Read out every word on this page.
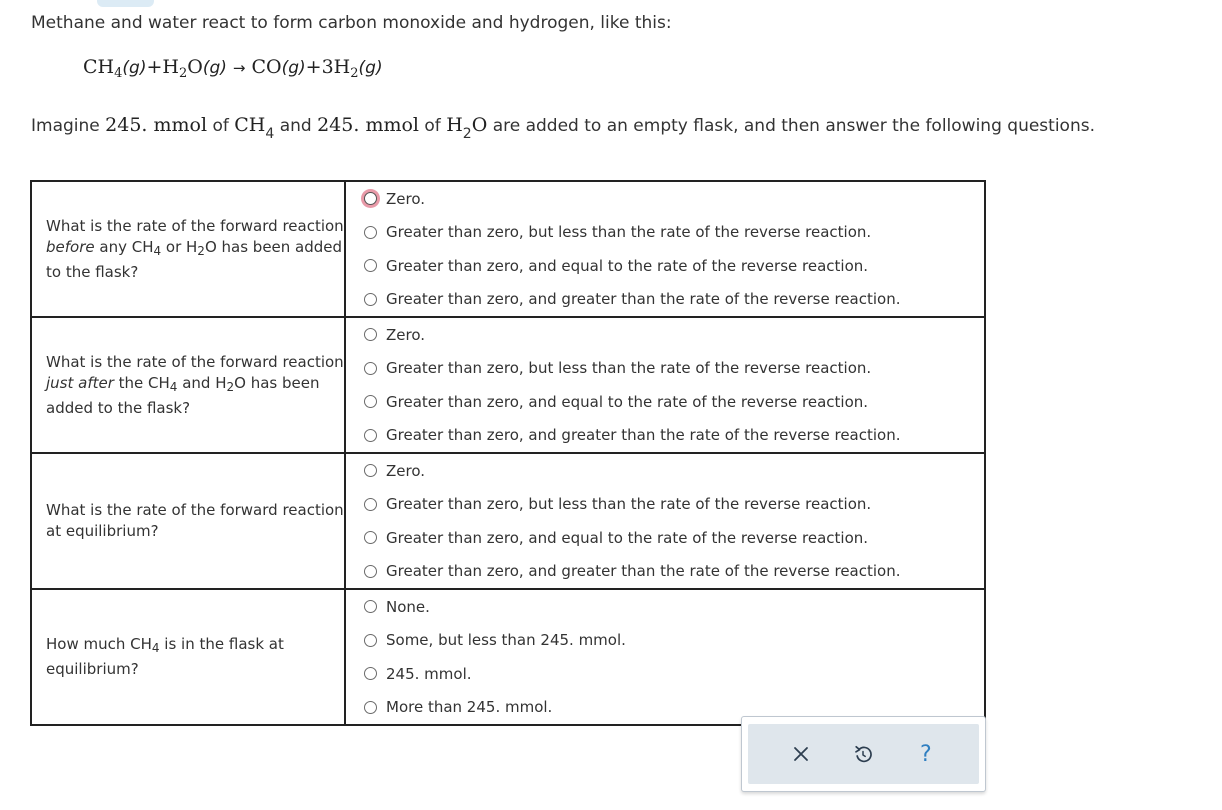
Methane and water react to form carbon monoxide and hydrogen, like this:
$CH_4(g)+H_2O(g) \to CO(g)+3H_2(g)$
Imagine 245. mmol of $CH_4$ and 245. mmol of $H_2O$ are added to an empty flask, and then answer the following questions.
What is the rate of the forward reaction before any $CH_4$ or $H_2O$ has been added to the flask?	Zero.
Greater than zero, but less than the rate of the reverse reaction.
Greater than zero, and equal to the rate of the reverse reaction.
Greater than zero, and greater than the rate of the reverse reaction.

What is the rate of the forward reaction just after the $CH_4$ and $H_2O$ has been added to the flask?	Zero.
Greater than zero, but less than the rate of the reverse reaction.
Greater than zero, and equal to the rate of the reverse reaction.
Greater than zero, and greater than the rate of the reverse reaction.

What is the rate of the forward reaction at equilibrium?	Zero.
Greater than zero, but less than the rate of the reverse reaction.
Greater than zero, and equal to the rate of the reverse reaction.
Greater than zero, and greater than the rate of the reverse reaction.

How much $CH_4$ is in the flask at equilibrium?	None.
Some, but less than 245. mmol.
245. mmol.
More than 245. mmol.
?
